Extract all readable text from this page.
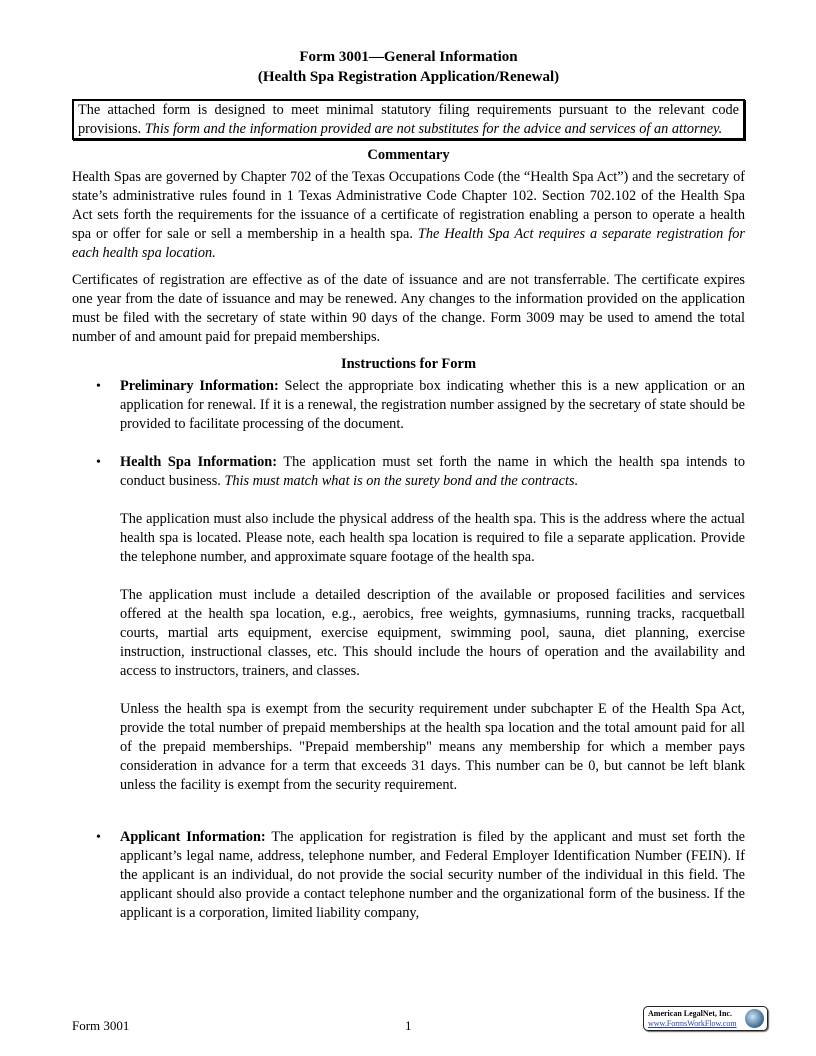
Form 3001—General Information
(Health Spa Registration Application/Renewal)
The attached form is designed to meet minimal statutory filing requirements pursuant to the relevant code provisions. This form and the information provided are not substitutes for the advice and services of an attorney.
Commentary

Health Spas are governed by Chapter 702 of the Texas Occupations Code (the “Health Spa Act”) and the secretary of state’s administrative rules found in 1 Texas Administrative Code Chapter 102. Section 702.102 of the Health Spa Act sets forth the requirements for the issuance of a certificate of registration enabling a person to operate a health spa or offer for sale or sell a membership in a health spa. The Health Spa Act requires a separate registration for each health spa location.

Certificates of registration are effective as of the date of issuance and are not transferrable. The certificate expires one year from the date of issuance and may be renewed. Any changes to the information provided on the application must be filed with the secretary of state within 90 days of the change. Form 3009 may be used to amend the total number of and amount paid for prepaid memberships.

Instructions for Form
• Preliminary Information: Select the appropriate box indicating whether this is a new application or an application for renewal. If it is a renewal, the registration number assigned by the secretary of state should be provided to facilitate processing of the document.

• Health Spa Information: The application must set forth the name in which the health spa intends to conduct business. This must match what is on the surety bond and the contracts.

The application must also include the physical address of the health spa. This is the address where the actual health spa is located. Please note, each health spa location is required to file a separate application. Provide the telephone number, and approximate square footage of the health spa.

The application must include a detailed description of the available or proposed facilities and services offered at the health spa location, e.g., aerobics, free weights, gymnasiums, running tracks, racquetball courts, martial arts equipment, exercise equipment, swimming pool, sauna, diet planning, exercise instruction, instructional classes, etc. This should include the hours of operation and the availability and access to instructors, trainers, and classes.

Unless the health spa is exempt from the security requirement under subchapter E of the Health Spa Act, provide the total number of prepaid memberships at the health spa location and the total amount paid for all of the prepaid memberships. "Prepaid membership" means any membership for which a member pays consideration in advance for a term that exceeds 31 days. This number can be 0, but cannot be left blank unless the facility is exempt from the security requirement.

• Applicant Information: The application for registration is filed by the applicant and must set forth the applicant’s legal name, address, telephone number, and Federal Employer Identification Number (FEIN). If the applicant is an individual, do not provide the social security number of the individual in this field. The applicant should also provide a contact telephone number and the organizational form of the business. If the applicant is a corporation, limited liability company,

Form 3001	1
American LegalNet, Inc.
www.FormsWorkFlow.com
